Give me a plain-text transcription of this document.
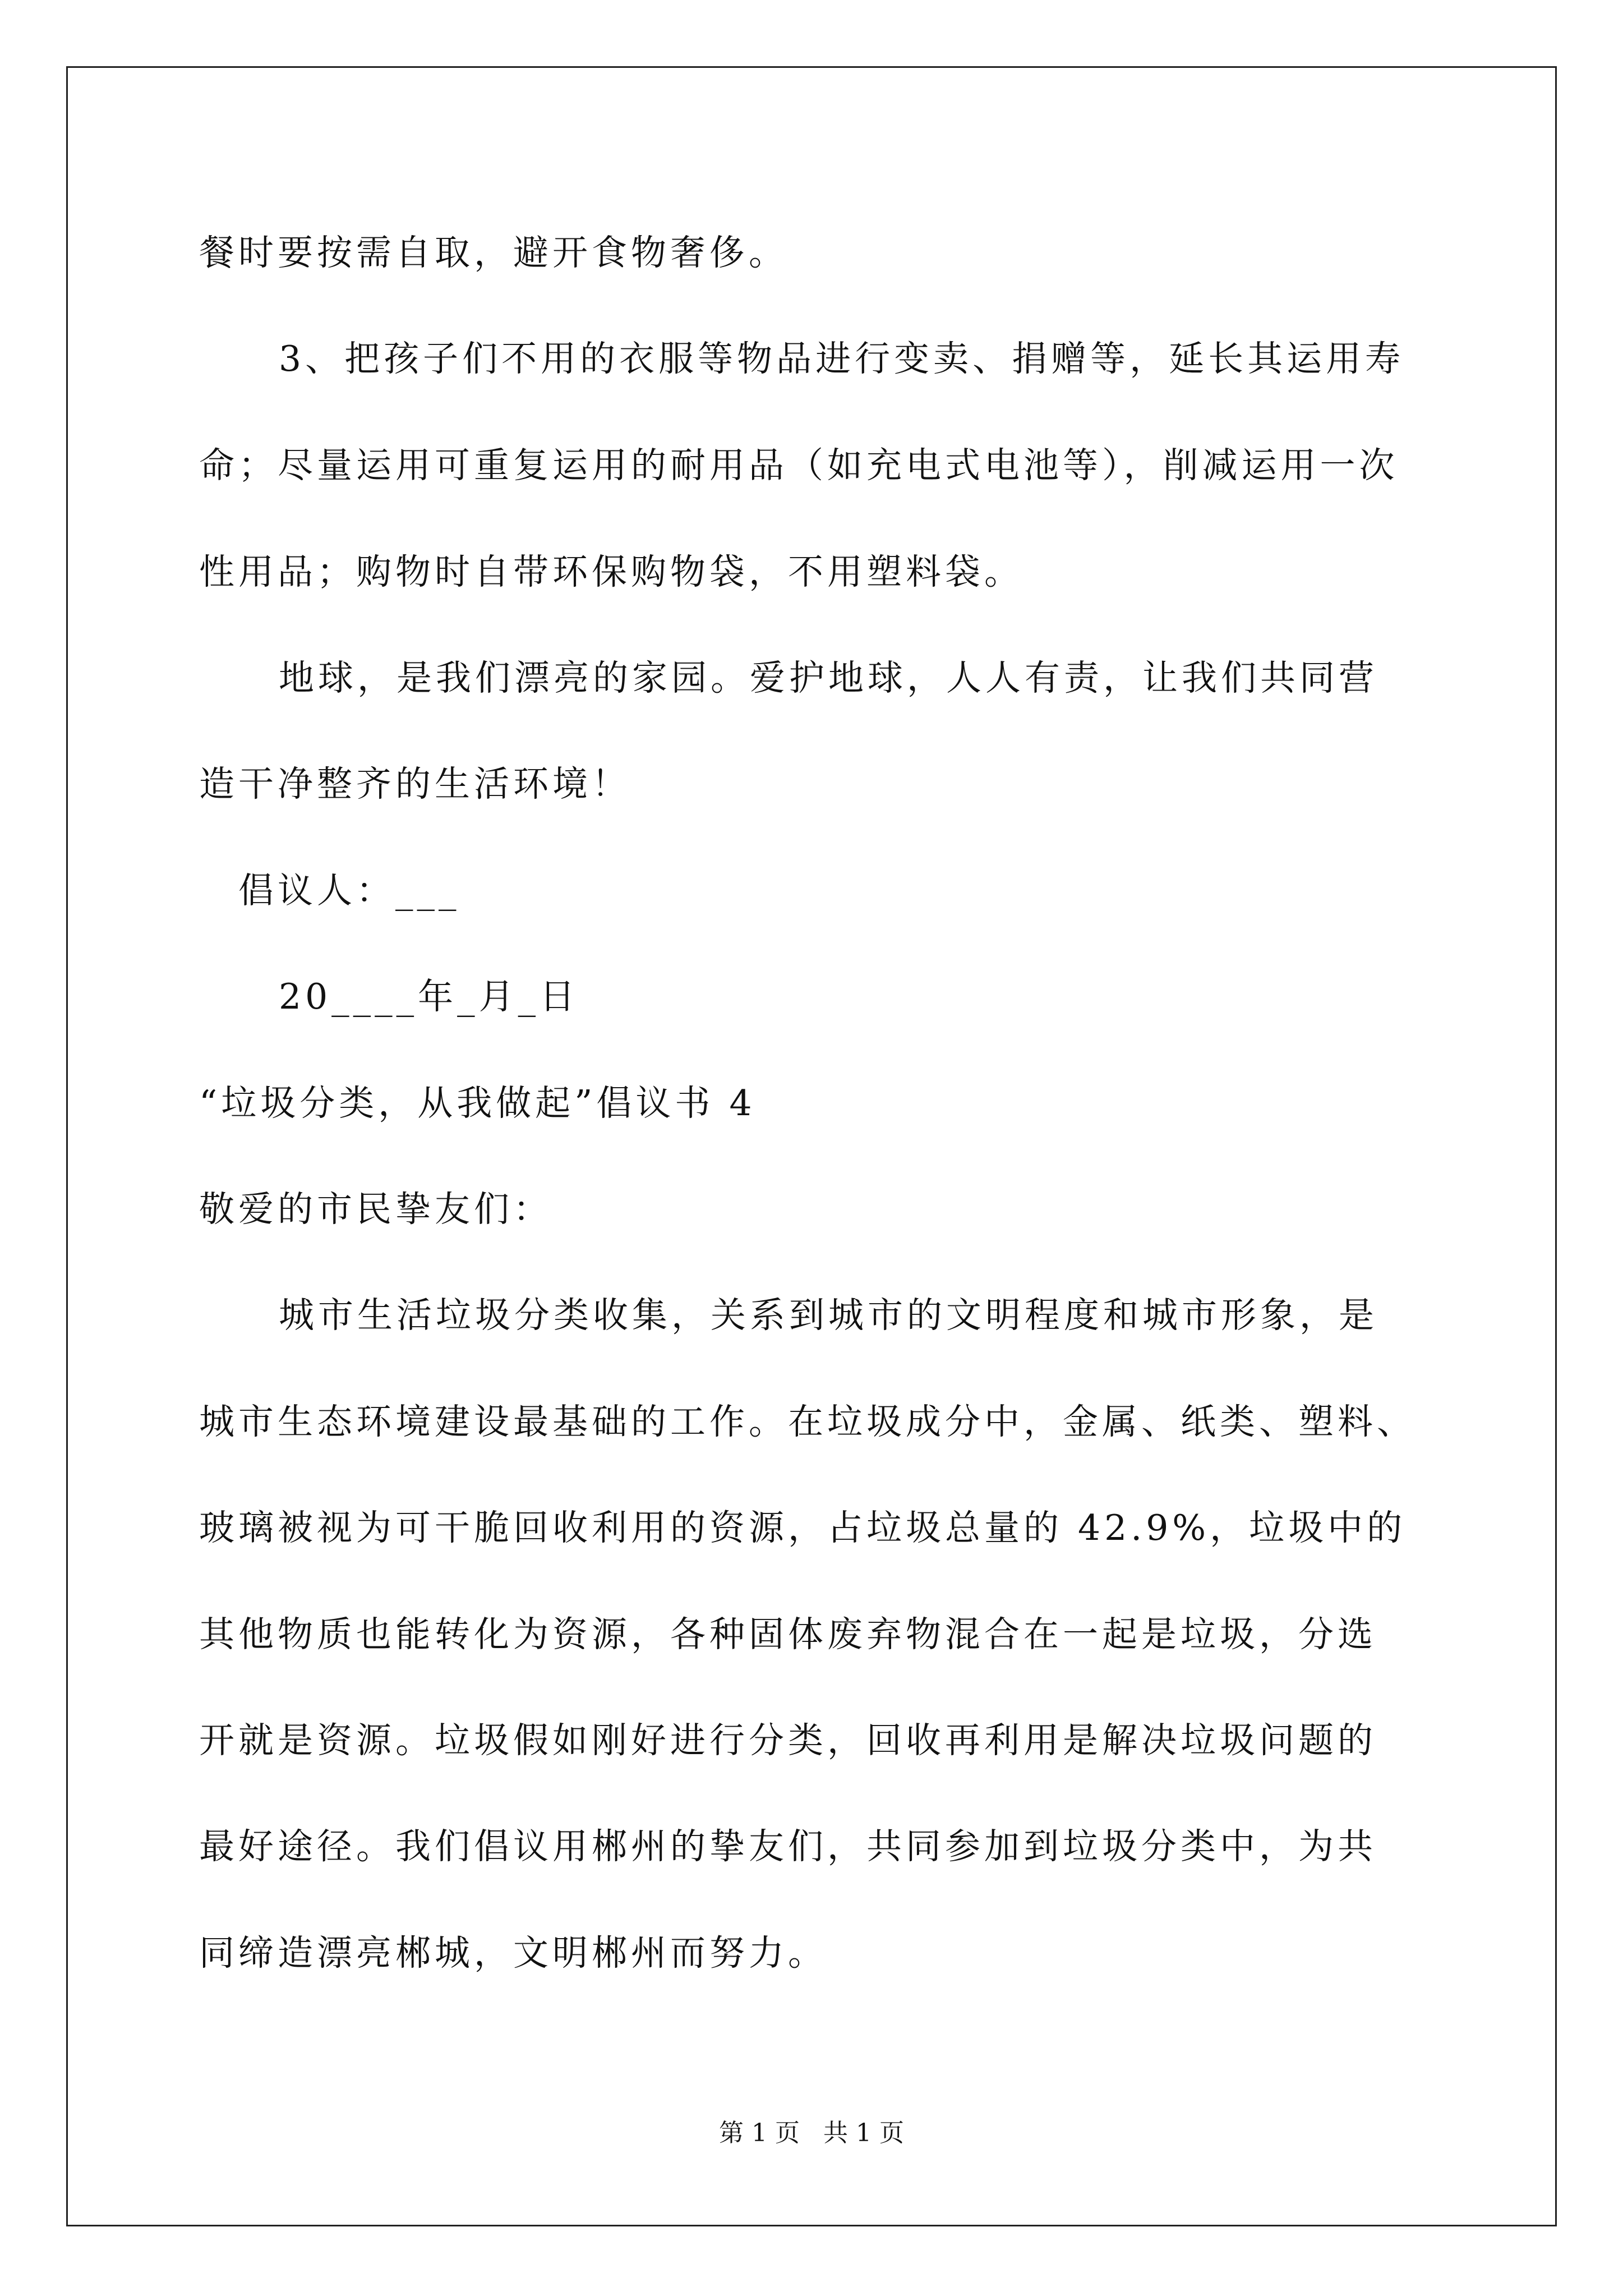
餐时要按需自取，避开食物奢侈。
3、把孩子们不用的衣服等物品进行变卖、捐赠等，延长其运用寿
命；尽量运用可重复运用的耐用品（如充电式电池等），削减运用一次
性用品；购物时自带环保购物袋，不用塑料袋。
地球，是我们漂亮的家园。爱护地球，人人有责，让我们共同营
造干净整齐的生活环境！
倡议人：___
20____年_月_日
“垃圾分类，从我做起”倡议书 4
敬爱的市民挚友们：
城市生活垃圾分类收集，关系到城市的文明程度和城市形象，是
城市生态环境建设最基础的工作。在垃圾成分中，金属、纸类、塑料、
玻璃被视为可干脆回收利用的资源，占垃圾总量的 42.9%，垃圾中的
其他物质也能转化为资源，各种固体废弃物混合在一起是垃圾，分选
开就是资源。垃圾假如刚好进行分类，回收再利用是解决垃圾问题的
最好途径。我们倡议用郴州的挚友们，共同参加到垃圾分类中，为共
同缔造漂亮郴城，文明郴州而努力。
第 1 页   共 1 页
